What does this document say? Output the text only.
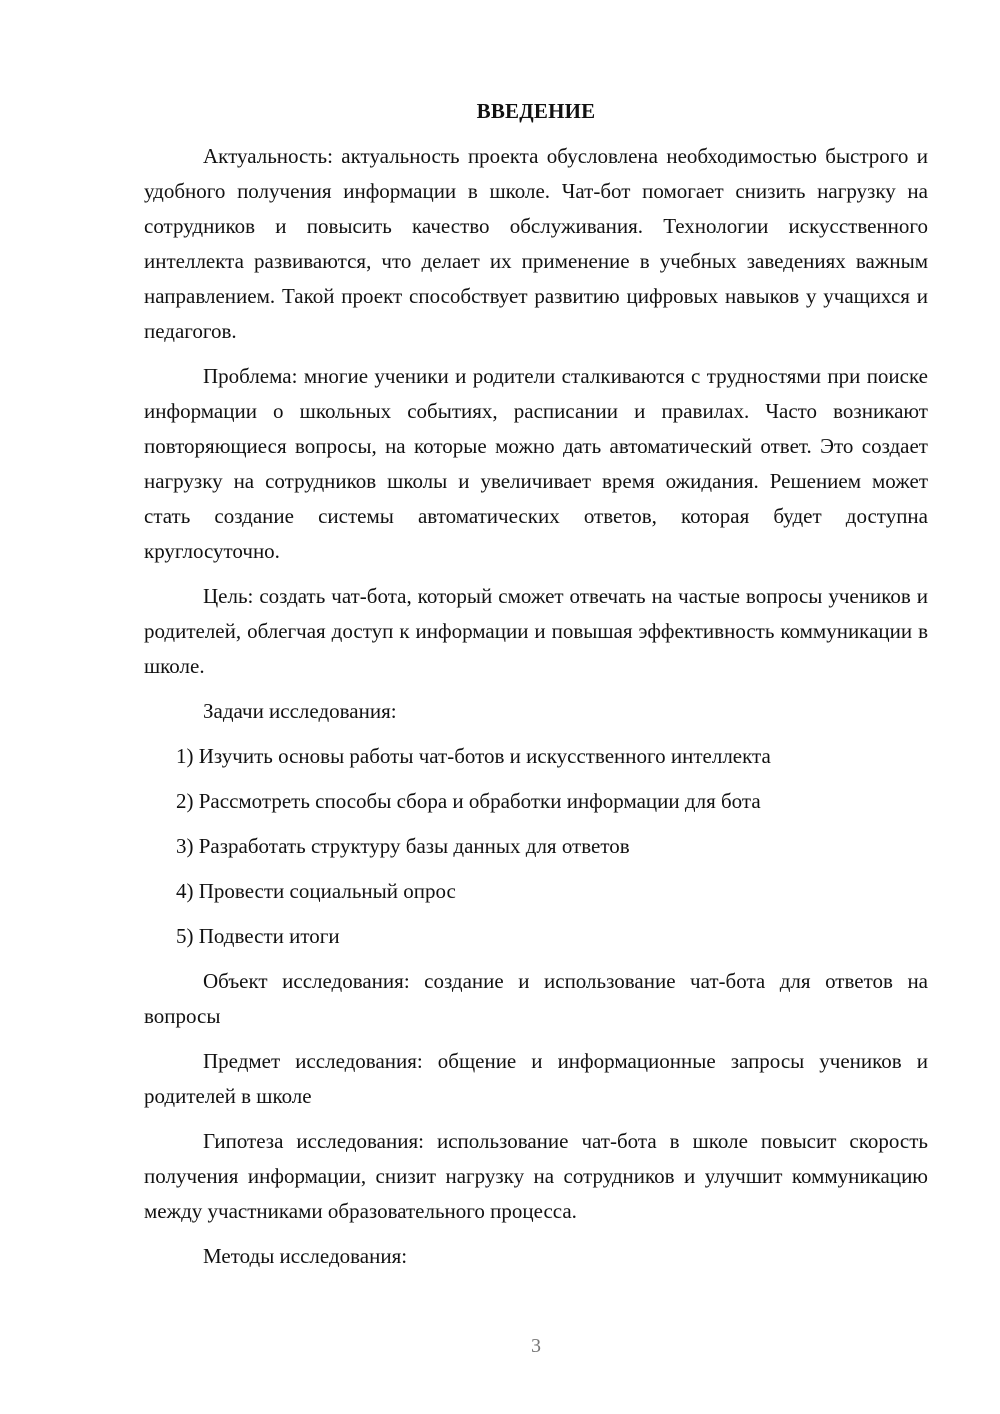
ВВЕДЕНИЕ

Актуальность: актуальность проекта обусловлена необходимостью быстрого и удобного получения информации в школе. Чат-бот помогает снизить нагрузку на сотрудников и повысить качество обслуживания. Технологии искусственного интеллекта развиваются, что делает их применение в учебных заведениях важным направлением. Такой проект способствует развитию цифровых навыков у учащихся и педагогов.

Проблема: многие ученики и родители сталкиваются с трудностями при поиске информации о школьных событиях, расписании и правилах. Часто возникают повторяющиеся вопросы, на которые можно дать автоматический ответ. Это создает нагрузку на сотрудников школы и увеличивает время ожидания. Решением может стать создание системы автоматических ответов, которая будет доступна круглосуточно.

Цель: создать чат-бота, который сможет отвечать на частые вопросы учеников и родителей, облегчая доступ к информации и повышая эффективность коммуникации в школе.

Задачи исследования:

1) Изучить основы работы чат-ботов и искусственного интеллекта
2) Рассмотреть способы сбора и обработки информации для бота
3) Разработать структуру базы данных для ответов
4) Провести социальный опрос
5) Подвести итоги

Объект исследования: создание и использование чат-бота для ответов на вопросы

Предмет исследования: общение и информационные запросы учеников и родителей в школе

Гипотеза исследования: использование чат-бота в школе повысит скорость получения информации, снизит нагрузку на сотрудников и улучшит коммуникацию между участниками образовательного процесса.

Методы исследования:

3
